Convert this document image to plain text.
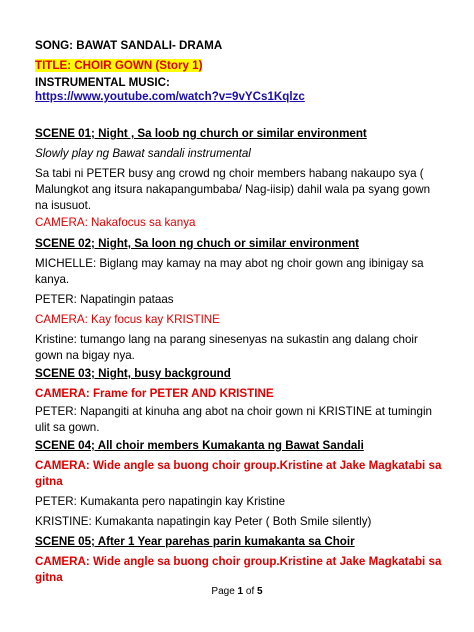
SONG: BAWAT SANDALI- DRAMA
TITLE: CHOIR GOWN (Story 1)
INSTRUMENTAL MUSIC:
https://www.youtube.com/watch?v=9vYCs1Kqlzc
SCENE 01; Night , Sa loob ng church or similar environment
Slowly play ng Bawat sandali instrumental
Sa tabi ni PETER busy ang crowd ng choir members habang nakaupo sya ( Malungkot ang itsura nakapangumbaba/ Nag-iisip) dahil wala pa syang gown na isusuot.
CAMERA: Nakafocus sa kanya
SCENE 02; Night, Sa loon ng chuch or similar environment
MICHELLE: Biglang may kamay na may abot ng choir gown ang ibinigay sa kanya.
PETER: Napatingin pataas
CAMERA: Kay focus kay KRISTINE
Kristine: tumango lang na parang sinesenyas na sukastin ang dalang choir gown na bigay nya.
SCENE 03; Night, busy background
CAMERA: Frame for PETER AND KRISTINE
PETER: Napangiti at kinuha ang abot na choir gown ni KRISTINE at tumingin ulit sa gown.
SCENE 04; All choir members Kumakanta ng Bawat Sandali
CAMERA: Wide angle sa buong choir group.Kristine at Jake Magkatabi sa gitna
PETER: Kumakanta pero napatingin kay Kristine
KRISTINE: Kumakanta napatingin kay Peter ( Both Smile silently)
SCENE 05; After 1 Year parehas parin kumakanta sa Choir
CAMERA: Wide angle sa buong choir group.Kristine at Jake Magkatabi sa gitna
Page 1 of 5
